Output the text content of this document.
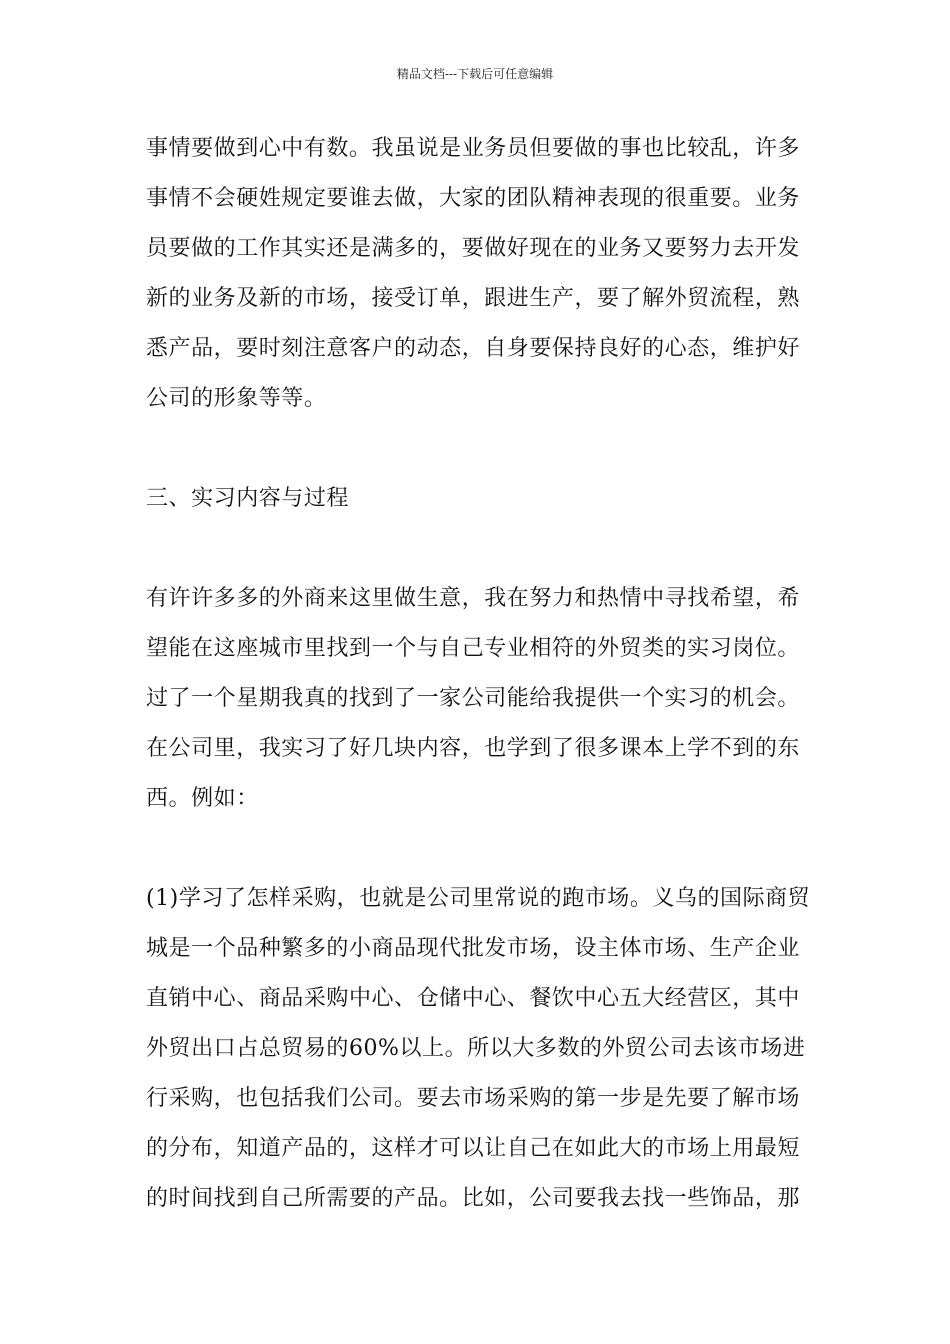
精品文档---下载后可任意编辑
事情要做到心中有数。我虽说是业务员但要做的事也比较乱，许多
事情不会硬姓规定要谁去做，大家的团队精神表现的很重要。业务
员要做的工作其实还是满多的，要做好现在的业务又要努力去开发
新的业务及新的市场，接受订单，跟进生产，要了解外贸流程，熟
悉产品，要时刻注意客户的动态，自身要保持良好的心态，维护好
公司的形象等等。
三、实习内容与过程
有许许多多的外商来这里做生意，我在努力和热情中寻找希望，希
望能在这座城市里找到一个与自己专业相符的外贸类的实习岗位。
过了一个星期我真的找到了一家公司能给我提供一个实习的机会。
在公司里，我实习了好几块内容，也学到了很多课本上学不到的东
西。例如：
(1)学习了怎样采购，也就是公司里常说的跑市场。义乌的国际商贸
城是一个品种繁多的小商品现代批发市场，设主体市场、生产企业
直销中心、商品采购中心、仓储中心、餐饮中心五大经营区，其中
外贸出口占总贸易的60%以上。所以大多数的外贸公司去该市场进
行采购，也包括我们公司。要去市场采购的第一步是先要了解市场
的分布，知道产品的，这样才可以让自己在如此大的市场上用最短
的时间找到自己所需要的产品。比如，公司要我去找一些饰品，那
